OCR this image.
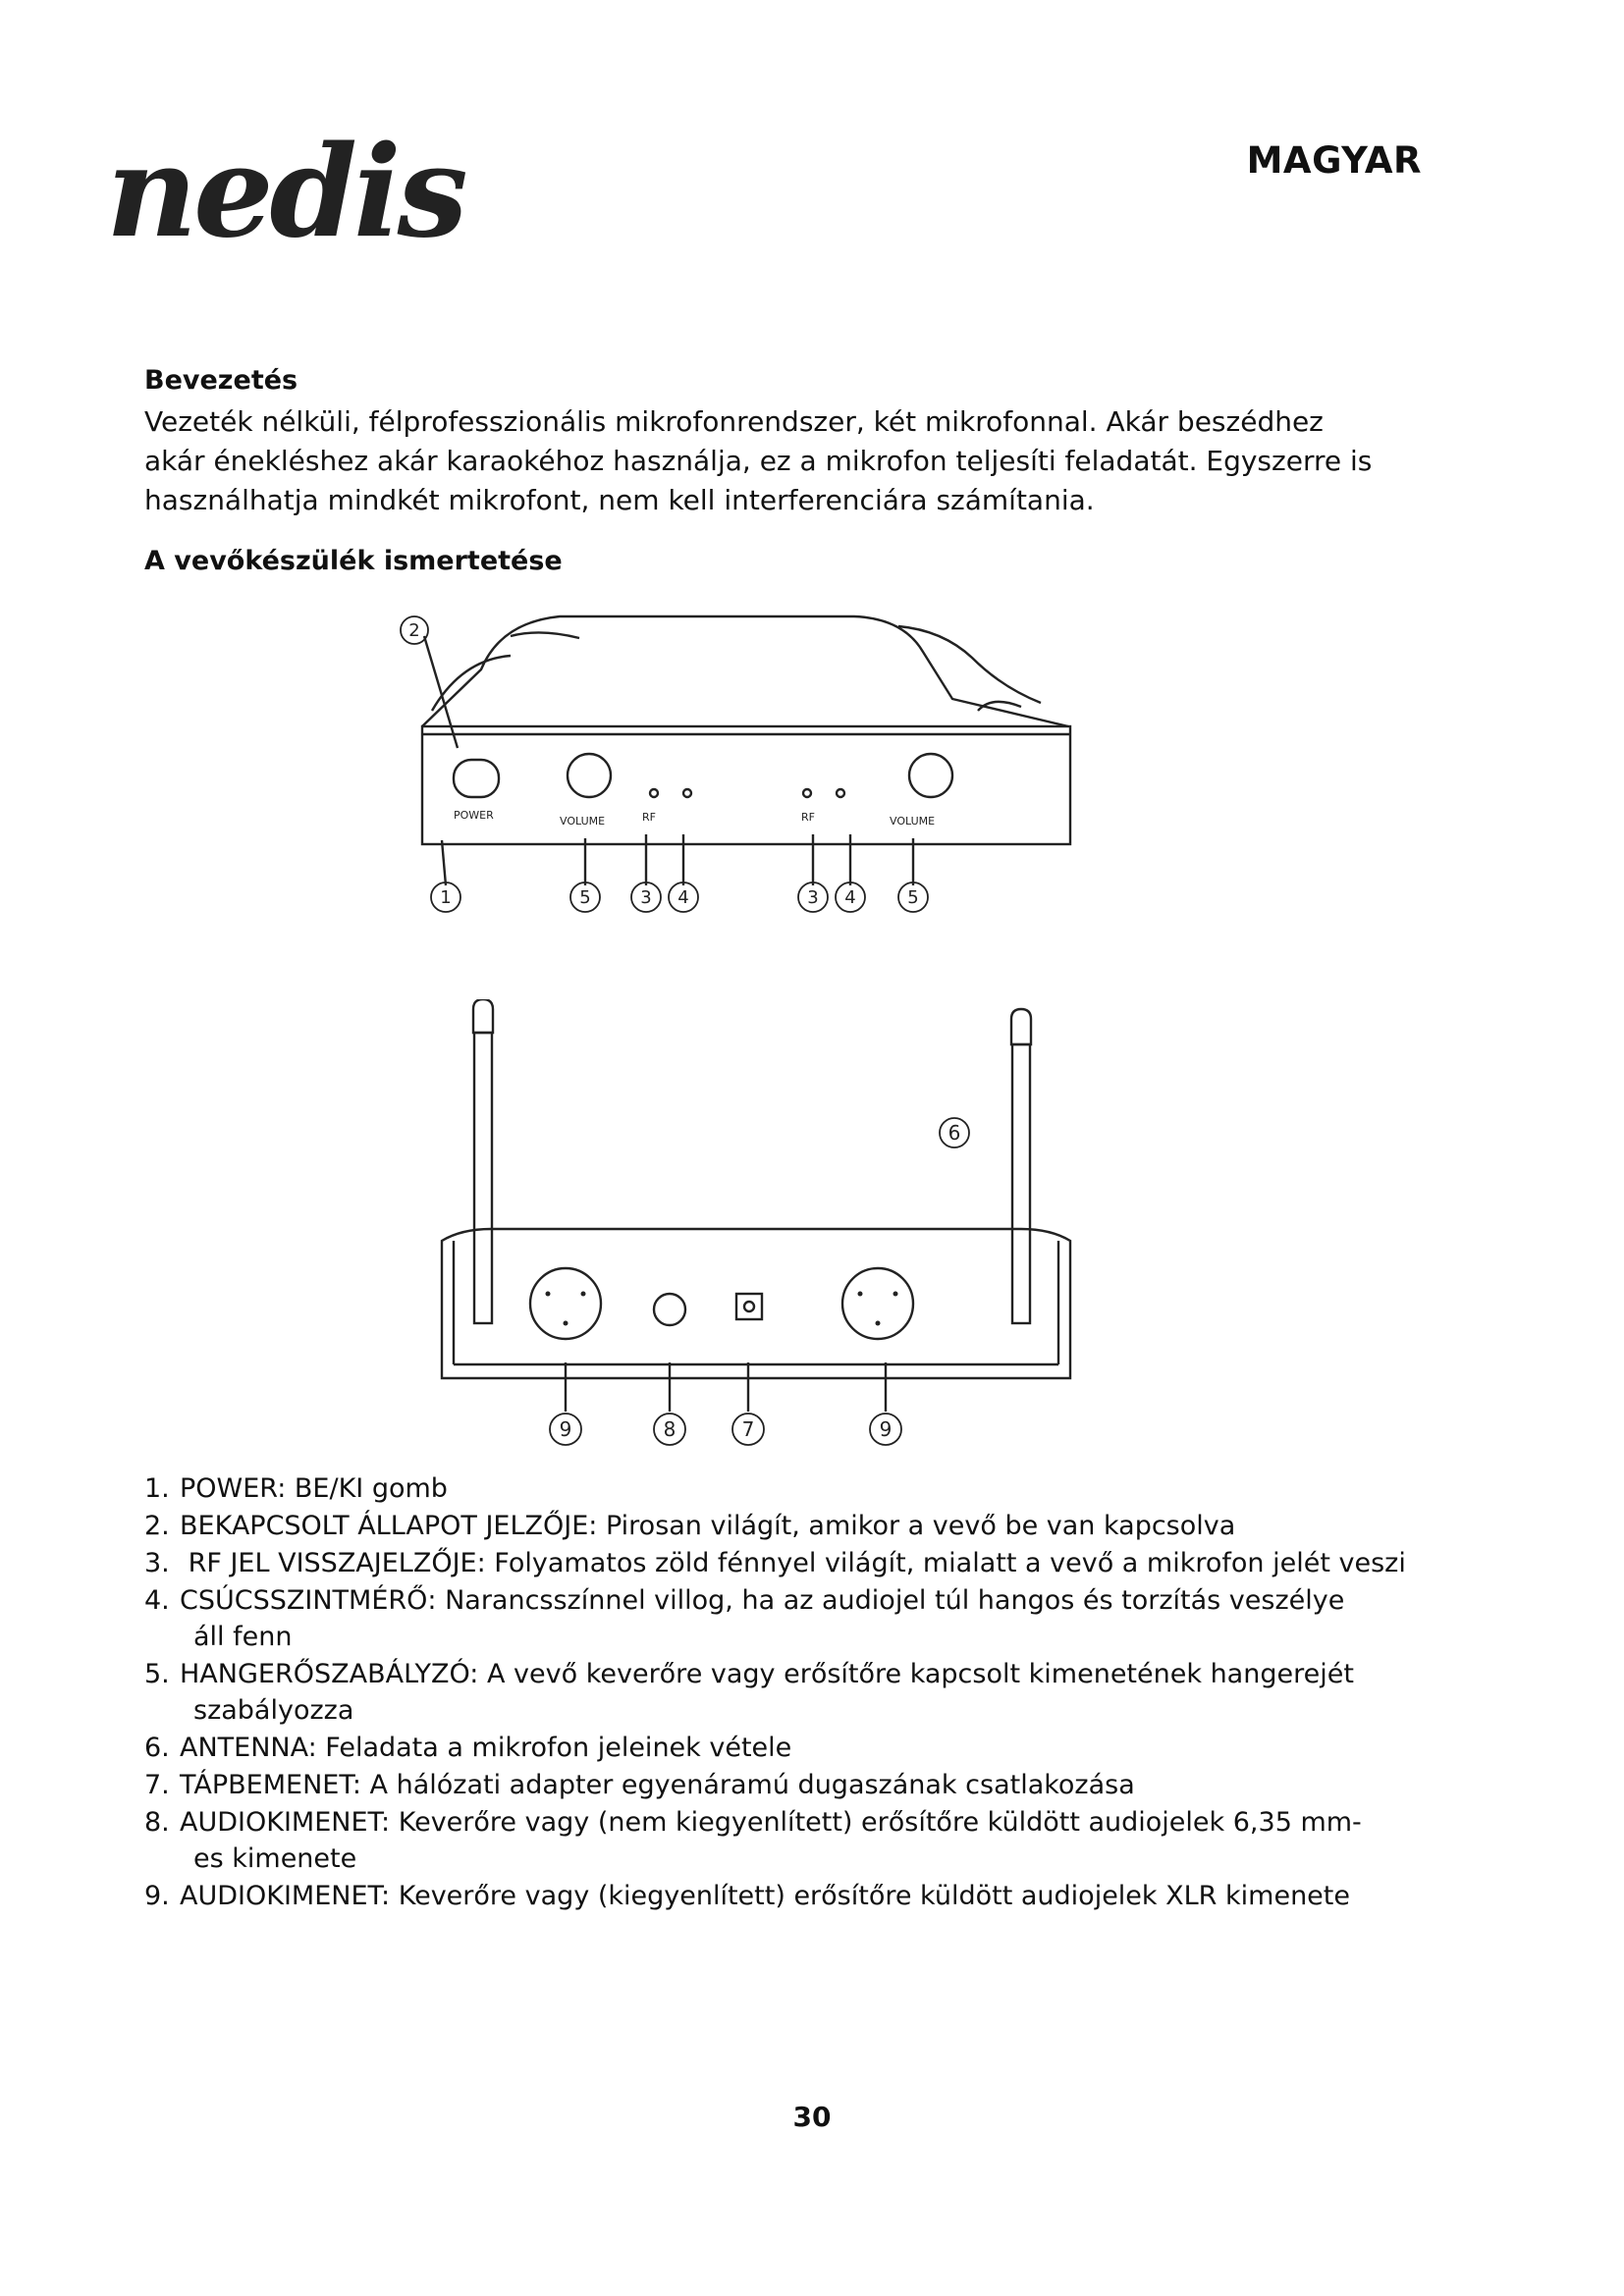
nedis	MAGYAR
Bevezetés
Vezeték nélküli, félprofesszionális mikrofonrendszer, két mikrofonnal. Akár beszédhez
akár énekléshez akár karaokéhoz használja, ez a mikrofon teljesíti feladatát. Egyszerre is
használhatja mindkét mikrofont, nem kell interferenciára számítania.
A vevőkészülék ismertetése
POWER	VOLUME	RF	RF	VOLUME
2
1	5	3 4	3 4	5
6
9	8	7	9
1. POWER: BE/KI gomb
2. BEKAPCSOLT ÁLLAPOT JELZŐJE: Pirosan világít, amikor a vevő be van kapcsolva
3. RF JEL VISSZAJELZŐJE: Folyamatos zöld fénnyel világít, mialatt a vevő a mikrofon jelét veszi
4. CSÚCSSZINTMÉRŐ: Narancsszínnel villog, ha az audiojel túl hangos és torzítás veszélye
áll fenn
5. HANGERŐSZABÁLYZÓ: A vevő keverőre vagy erősítőre kapcsolt kimenetének hangerejét
szabályozza
6. ANTENNA: Feladata a mikrofon jeleinek vétele
7. TÁPBEMENET: A hálózati adapter egyenáramú dugaszának csatlakozása
8. AUDIOKIMENET: Keverőre vagy (nem kiegyenlített) erősítőre küldött audiojelek 6,35 mm-
es kimenete
9. AUDIOKIMENET: Keverőre vagy (kiegyenlített) erősítőre küldött audiojelek XLR kimenete
30
